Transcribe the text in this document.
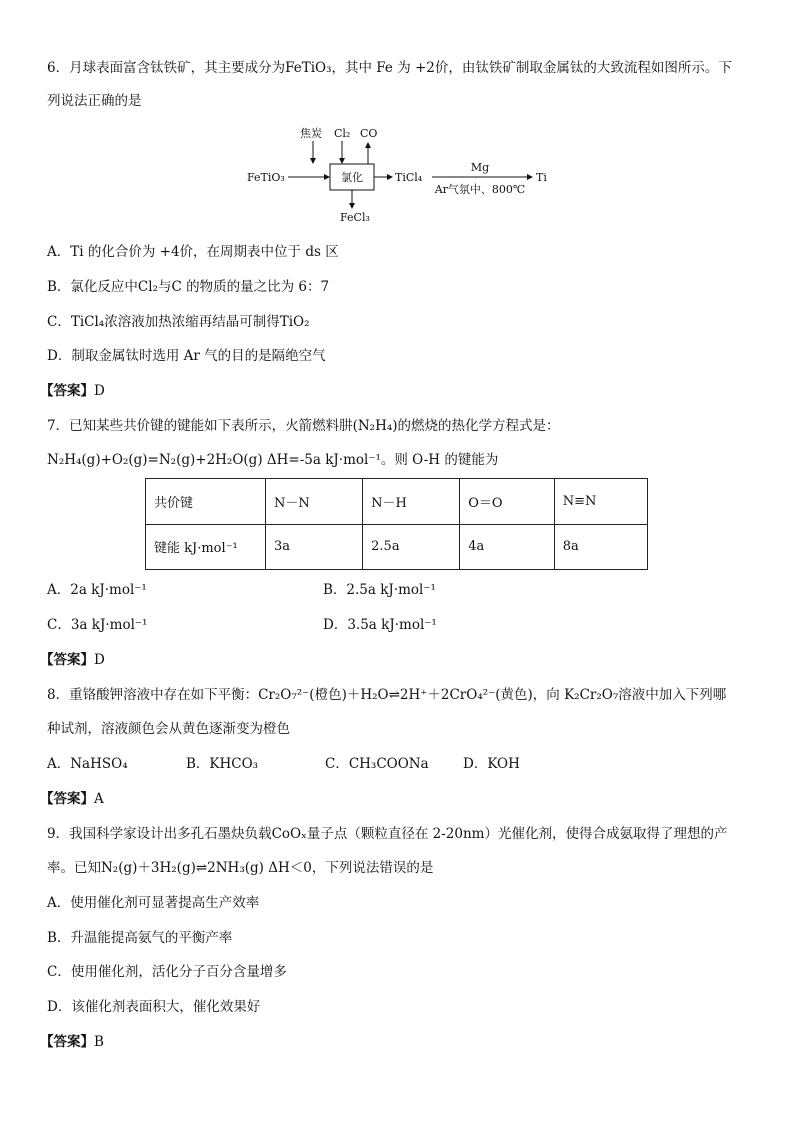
6．月球表面富含钛铁矿，其主要成分为FeTiO₃，其中 Fe 为 +2价，由钛铁矿制取金属钛的大致流程如图所示。下
列说法正确的是
氯化
FeTiO₃
焦炭 Cl₂ CO
FeCl₃
TiCl₄
Mg
Ar气氛中、800℃
Ti
A．Ti 的化合价为 +4价，在周期表中位于 ds 区
B．氯化反应中Cl₂与C 的物质的量之比为 6：7
C．TiCl₄浓溶液加热浓缩再结晶可制得TiO₂
D．制取金属钛时选用 Ar 气的目的是隔绝空气
【答案】D
7．已知某些共价键的键能如下表所示，火箭燃料肼(N₂H₄)的燃烧的热化学方程式是：
N₂H₄(g)+O₂(g)=N₂(g)+2H₂O(g) ΔH=-5a kJ·mol⁻¹。则 O-H 的键能为
共价键	N－N	N－H	O＝O	N≡N
键能 kJ·mol⁻¹	3a	2.5a	4a	8a
A．2a kJ·mol⁻¹	B．2.5a kJ·mol⁻¹
C．3a kJ·mol⁻¹	D．3.5a kJ·mol⁻¹
【答案】D
8．重铬酸钾溶液中存在如下平衡：Cr₂O₇²⁻(橙色)＋H₂O⇌2H⁺＋2CrO₄²⁻(黄色)，向 K₂Cr₂O₇溶液中加入下列哪
种试剂，溶液颜色会从黄色逐渐变为橙色
A．NaHSO₄	B．KHCO₃	C．CH₃COONa	D．KOH
【答案】A
9．我国科学家设计出多孔石墨炔负载CoOₓ量子点（颗粒直径在 2-20nm）光催化剂，使得合成氨取得了理想的产
率。已知N₂(g)＋3H₂(g)⇌2NH₃(g) ΔH＜0，下列说法错误的是
A．使用催化剂可显著提高生产效率
B．升温能提高氨气的平衡产率
C．使用催化剂，活化分子百分含量增多
D．该催化剂表面积大，催化效果好
【答案】B
